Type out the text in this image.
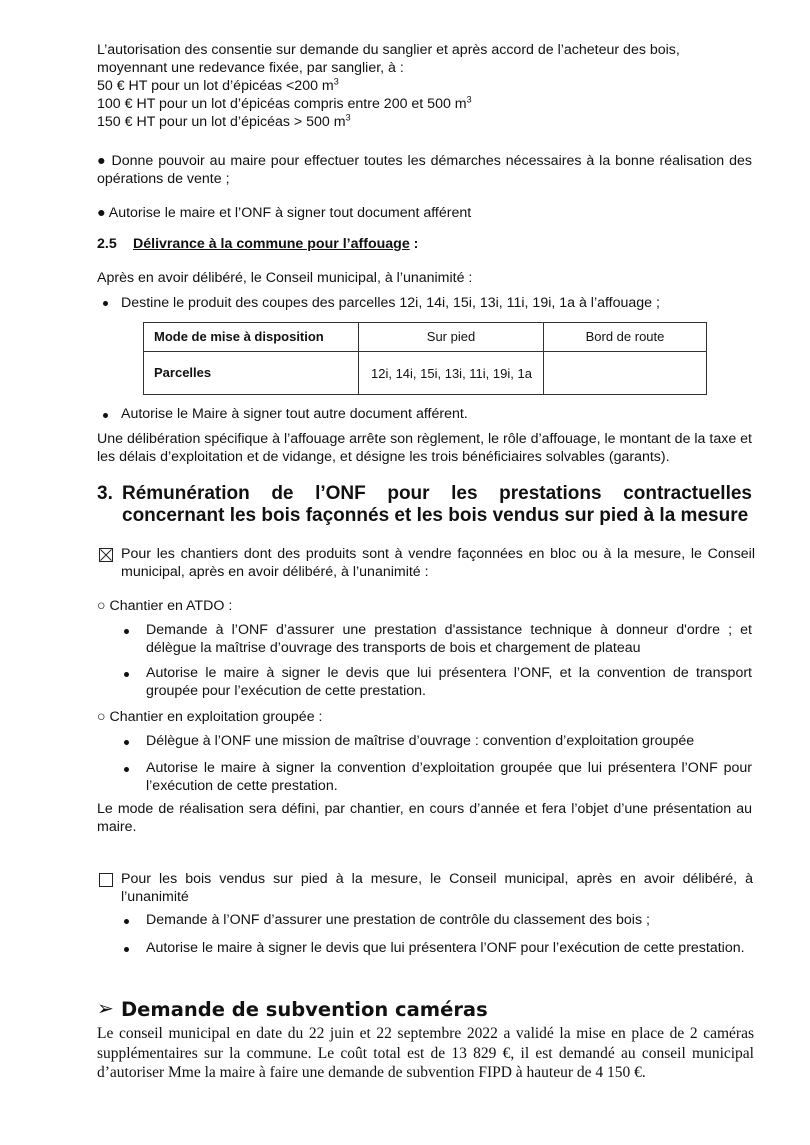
L’autorisation des consentie sur demande du sanglier et après accord de l’acheteur des bois,
moyennant une redevance fixée, par sanglier, à :
50 € HT pour un lot d’épicéas <200 $m^3$
100 € HT pour un lot d’épicéas compris entre 200 et 500 $m^3$
150 € HT pour un lot d’épicéas > 500 $m^3$
● Donne pouvoir au maire pour effectuer toutes les démarches nécessaires à la bonne réalisation des opérations de vente ;
● Autorise le maire et l’ONF à signer tout document afférent
2.5 Délivrance à la commune pour l’affouage :
Après en avoir délibéré, le Conseil municipal, à l’unanimité :
Destine le produit des coupes des parcelles 12i, 14i, 15i, 13i, 11i, 19i, 1a à l’affouage ;
Mode de mise à disposition	Sur pied	Bord de route
Parcelles	12i, 14i, 15i, 13i, 11i, 19i, 1a	
Autorise le Maire à signer tout autre document afférent.
Une délibération spécifique à l’affouage arrête son règlement, le rôle d’affouage, le montant de la taxe et les délais d’exploitation et de vidange, et désigne les trois bénéficiaires solvables (garants).
3. Rémunération de l’ONF pour les prestations contractuelles
concernant les bois façonnés et les bois vendus sur pied à la mesure
Pour les chantiers dont des produits sont à vendre façonnées en bloc ou à la mesure, le Conseil municipal, après en avoir délibéré, à l’unanimité :
○ Chantier en ATDO :
Demande à l’ONF d’assurer une prestation d'assistance technique à donneur d'ordre ; et délègue la maîtrise d’ouvrage des transports de bois et chargement de plateau
Autorise le maire à signer le devis que lui présentera l’ONF, et la convention de transport groupée pour l’exécution de cette prestation.
○ Chantier en exploitation groupée :
Délègue à l’ONF une mission de maîtrise d’ouvrage : convention d’exploitation groupée
Autorise le maire à signer la convention d’exploitation groupée que lui présentera l’ONF pour l’exécution de cette prestation.
Le mode de réalisation sera défini, par chantier, en cours d’année et fera l’objet d’une présentation au maire.
Pour les bois vendus sur pied à la mesure, le Conseil municipal, après en avoir délibéré, à l’unanimité
Demande à l’ONF d’assurer une prestation de contrôle du classement des bois ;
Autorise le maire à signer le devis que lui présentera l’ONF pour l’exécution de cette prestation.
➢ Demande de subvention caméras
Le conseil municipal en date du 22 juin et 22 septembre 2022 a validé la mise en place de 2 caméras supplémentaires sur la commune. Le coût total est de 13 829 €, il est demandé au conseil municipal d’autoriser Mme la maire à faire une demande de subvention FIPD à hauteur de 4 150 €.
